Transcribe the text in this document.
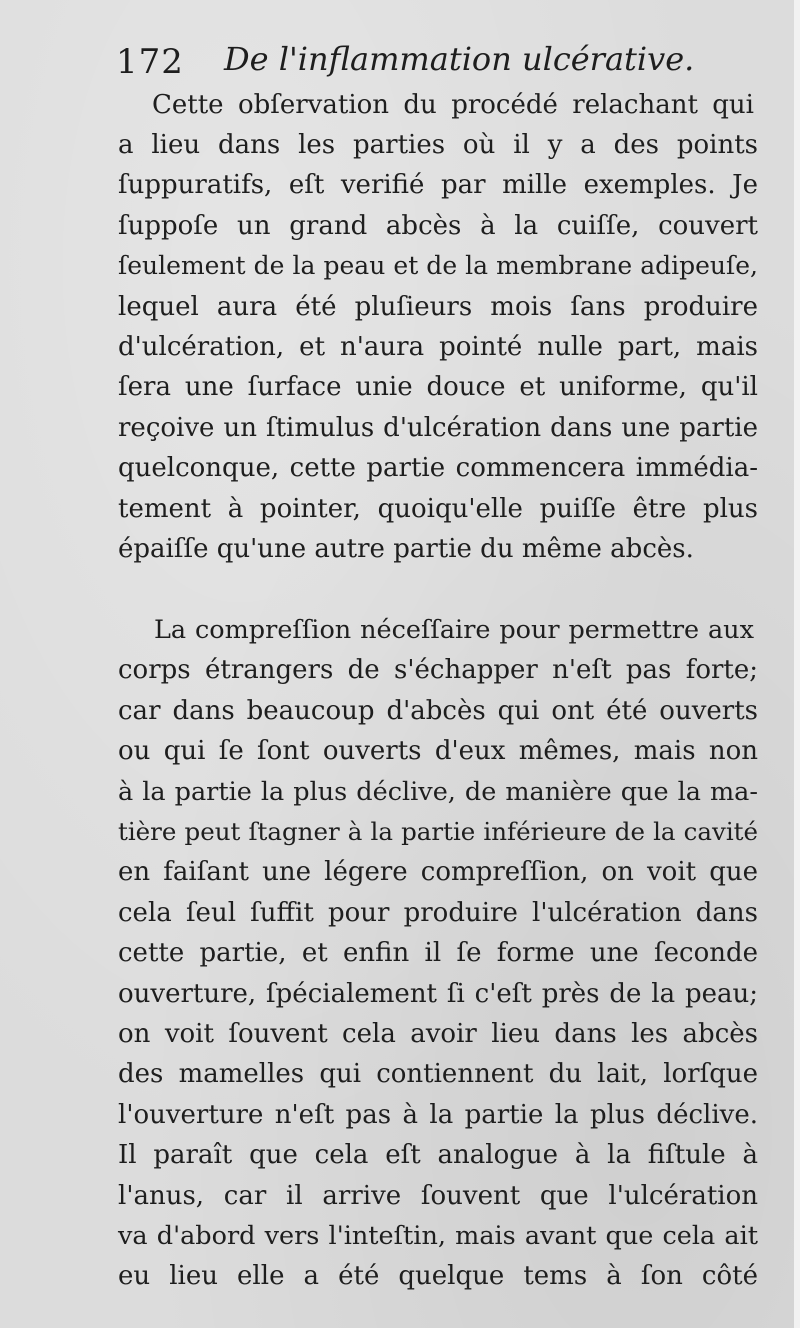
172 De l'inflammation ulcérative.
Cette obſervation du procédé relachant qui
a lieu dans les parties où il y a des points
ſuppuratifs, eſt verifié par mille exemples. Je
ſuppoſe un grand abcès à la cuiſſe, couvert
ſeulement de la peau et de la membrane adipeuſe,
lequel aura été pluſieurs mois ſans produire
d'ulcération, et n'aura pointé nulle part, mais
ſera une ſurface unie douce et uniforme, qu'il
reçoive un ſtimulus d'ulcération dans une partie
quelconque, cette partie commencera immédia-
tement à pointer, quoiqu'elle puiſſe être plus
épaiſſe qu'une autre partie du même abcès.
La compreſſion néceſſaire pour permettre aux
corps étrangers de s'échapper n'eſt pas forte;
car dans beaucoup d'abcès qui ont été ouverts
ou qui ſe ſont ouverts d'eux mêmes, mais non
à la partie la plus déclive, de manière que la ma-
tière peut ſtagner à la partie inférieure de la cavité
en faiſant une légere compreſſion, on voit que
cela ſeul ſuffit pour produire l'ulcération dans
cette partie, et enfin il ſe forme une ſeconde
ouverture, ſpécialement ſi c'eſt près de la peau;
on voit ſouvent cela avoir lieu dans les abcès
des mamelles qui contiennent du lait, lorſque
l'ouverture n'eſt pas à la partie la plus déclive.
Il paraît que cela eſt analogue à la fiſtule à
l'anus, car il arrive ſouvent que l'ulcération
va d'abord vers l'inteſtin, mais avant que cela ait
eu lieu elle a été quelque tems à ſon côté
